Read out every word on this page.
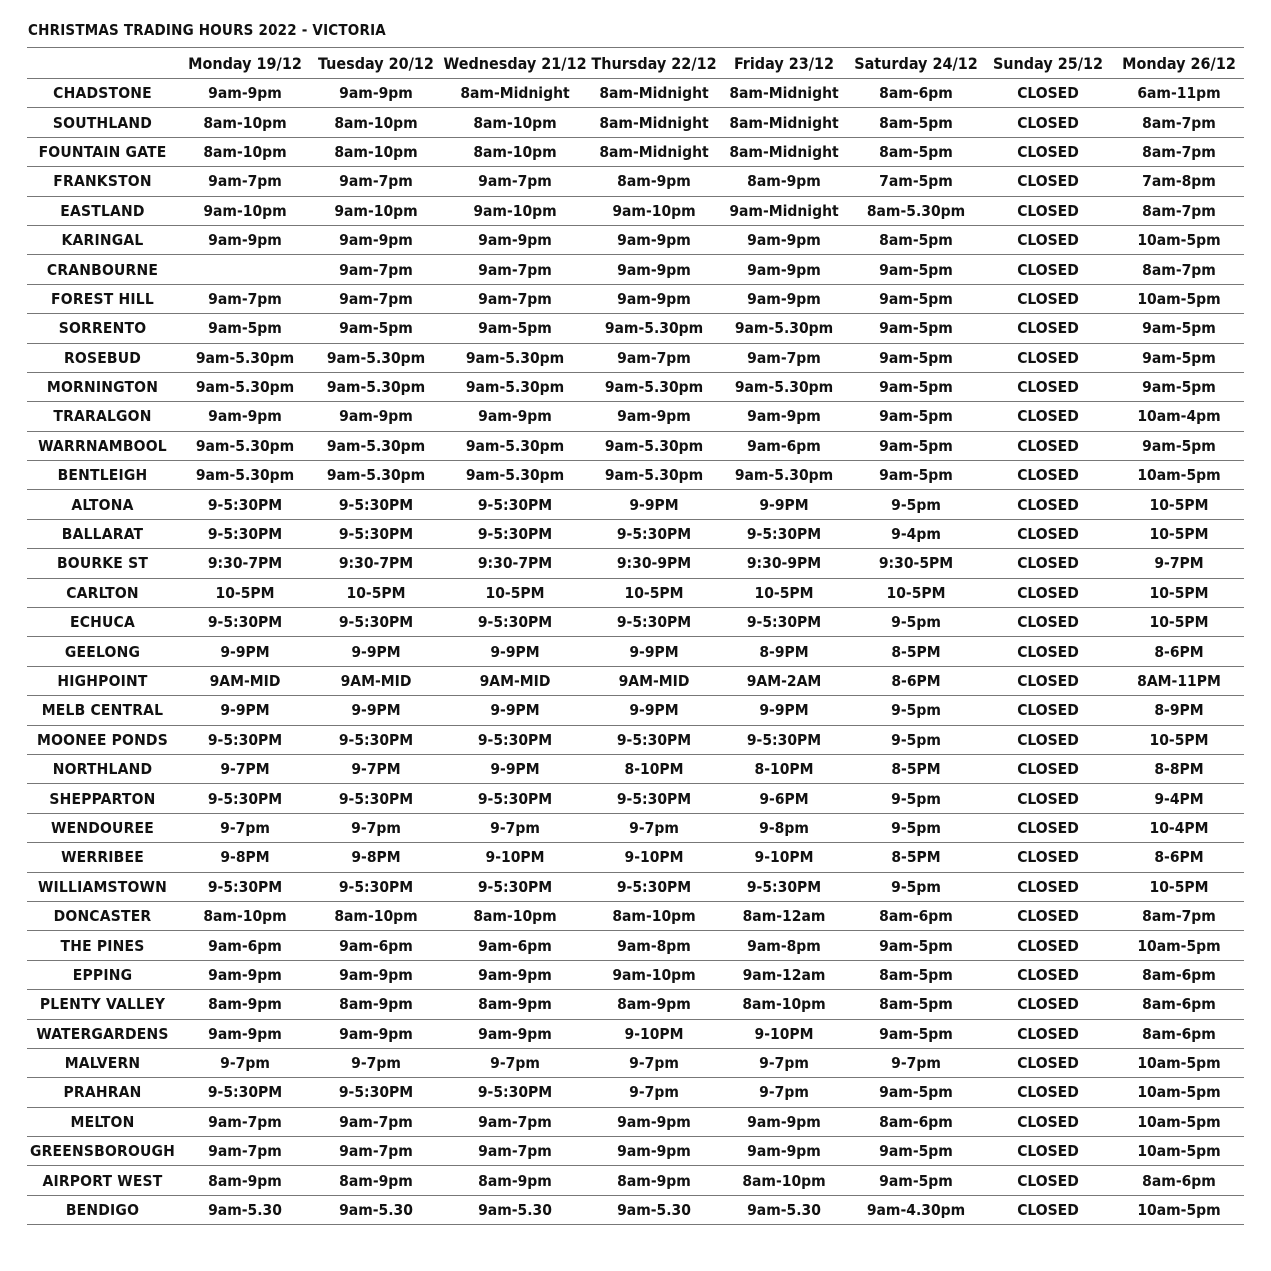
CHRISTMAS TRADING HOURS 2022 - VICTORIA
	Monday 19/12	Tuesday 20/12	Wednesday 21/12	Thursday 22/12	Friday 23/12	Saturday 24/12	Sunday 25/12	Monday 26/12
CHADSTONE	9am-9pm	9am-9pm	8am-Midnight	8am-Midnight	8am-Midnight	8am-6pm	CLOSED	6am-11pm
SOUTHLAND	8am-10pm	8am-10pm	8am-10pm	8am-Midnight	8am-Midnight	8am-5pm	CLOSED	8am-7pm
FOUNTAIN GATE	8am-10pm	8am-10pm	8am-10pm	8am-Midnight	8am-Midnight	8am-5pm	CLOSED	8am-7pm
FRANKSTON	9am-7pm	9am-7pm	9am-7pm	8am-9pm	8am-9pm	7am-5pm	CLOSED	7am-8pm
EASTLAND	9am-10pm	9am-10pm	9am-10pm	9am-10pm	9am-Midnight	8am-5.30pm	CLOSED	8am-7pm
KARINGAL	9am-9pm	9am-9pm	9am-9pm	9am-9pm	9am-9pm	8am-5pm	CLOSED	10am-5pm
CRANBOURNE		9am-7pm	9am-7pm	9am-9pm	9am-9pm	9am-5pm	CLOSED	8am-7pm
FOREST HILL	9am-7pm	9am-7pm	9am-7pm	9am-9pm	9am-9pm	9am-5pm	CLOSED	10am-5pm
SORRENTO	9am-5pm	9am-5pm	9am-5pm	9am-5.30pm	9am-5.30pm	9am-5pm	CLOSED	9am-5pm
ROSEBUD	9am-5.30pm	9am-5.30pm	9am-5.30pm	9am-7pm	9am-7pm	9am-5pm	CLOSED	9am-5pm
MORNINGTON	9am-5.30pm	9am-5.30pm	9am-5.30pm	9am-5.30pm	9am-5.30pm	9am-5pm	CLOSED	9am-5pm
TRARALGON	9am-9pm	9am-9pm	9am-9pm	9am-9pm	9am-9pm	9am-5pm	CLOSED	10am-4pm
WARRNAMBOOL	9am-5.30pm	9am-5.30pm	9am-5.30pm	9am-5.30pm	9am-6pm	9am-5pm	CLOSED	9am-5pm
BENTLEIGH	9am-5.30pm	9am-5.30pm	9am-5.30pm	9am-5.30pm	9am-5.30pm	9am-5pm	CLOSED	10am-5pm
ALTONA	9-5:30PM	9-5:30PM	9-5:30PM	9-9PM	9-9PM	9-5pm	CLOSED	10-5PM
BALLARAT	9-5:30PM	9-5:30PM	9-5:30PM	9-5:30PM	9-5:30PM	9-4pm	CLOSED	10-5PM
BOURKE ST	9:30-7PM	9:30-7PM	9:30-7PM	9:30-9PM	9:30-9PM	9:30-5PM	CLOSED	9-7PM
CARLTON	10-5PM	10-5PM	10-5PM	10-5PM	10-5PM	10-5PM	CLOSED	10-5PM
ECHUCA	9-5:30PM	9-5:30PM	9-5:30PM	9-5:30PM	9-5:30PM	9-5pm	CLOSED	10-5PM
GEELONG	9-9PM	9-9PM	9-9PM	9-9PM	8-9PM	8-5PM	CLOSED	8-6PM
HIGHPOINT	9AM-MID	9AM-MID	9AM-MID	9AM-MID	9AM-2AM	8-6PM	CLOSED	8AM-11PM
MELB CENTRAL	9-9PM	9-9PM	9-9PM	9-9PM	9-9PM	9-5pm	CLOSED	8-9PM
MOONEE PONDS	9-5:30PM	9-5:30PM	9-5:30PM	9-5:30PM	9-5:30PM	9-5pm	CLOSED	10-5PM
NORTHLAND	9-7PM	9-7PM	9-9PM	8-10PM	8-10PM	8-5PM	CLOSED	8-8PM
SHEPPARTON	9-5:30PM	9-5:30PM	9-5:30PM	9-5:30PM	9-6PM	9-5pm	CLOSED	9-4PM
WENDOUREE	9-7pm	9-7pm	9-7pm	9-7pm	9-8pm	9-5pm	CLOSED	10-4PM
WERRIBEE	9-8PM	9-8PM	9-10PM	9-10PM	9-10PM	8-5PM	CLOSED	8-6PM
WILLIAMSTOWN	9-5:30PM	9-5:30PM	9-5:30PM	9-5:30PM	9-5:30PM	9-5pm	CLOSED	10-5PM
DONCASTER	8am-10pm	8am-10pm	8am-10pm	8am-10pm	8am-12am	8am-6pm	CLOSED	8am-7pm
THE PINES	9am-6pm	9am-6pm	9am-6pm	9am-8pm	9am-8pm	9am-5pm	CLOSED	10am-5pm
EPPING	9am-9pm	9am-9pm	9am-9pm	9am-10pm	9am-12am	8am-5pm	CLOSED	8am-6pm
PLENTY VALLEY	8am-9pm	8am-9pm	8am-9pm	8am-9pm	8am-10pm	8am-5pm	CLOSED	8am-6pm
WATERGARDENS	9am-9pm	9am-9pm	9am-9pm	9-10PM	9-10PM	9am-5pm	CLOSED	8am-6pm
MALVERN	9-7pm	9-7pm	9-7pm	9-7pm	9-7pm	9-7pm	CLOSED	10am-5pm
PRAHRAN	9-5:30PM	9-5:30PM	9-5:30PM	9-7pm	9-7pm	9am-5pm	CLOSED	10am-5pm
MELTON	9am-7pm	9am-7pm	9am-7pm	9am-9pm	9am-9pm	8am-6pm	CLOSED	10am-5pm
GREENSBOROUGH	9am-7pm	9am-7pm	9am-7pm	9am-9pm	9am-9pm	9am-5pm	CLOSED	10am-5pm
AIRPORT WEST	8am-9pm	8am-9pm	8am-9pm	8am-9pm	8am-10pm	9am-5pm	CLOSED	8am-6pm
BENDIGO	9am-5.30	9am-5.30	9am-5.30	9am-5.30	9am-5.30	9am-4.30pm	CLOSED	10am-5pm
